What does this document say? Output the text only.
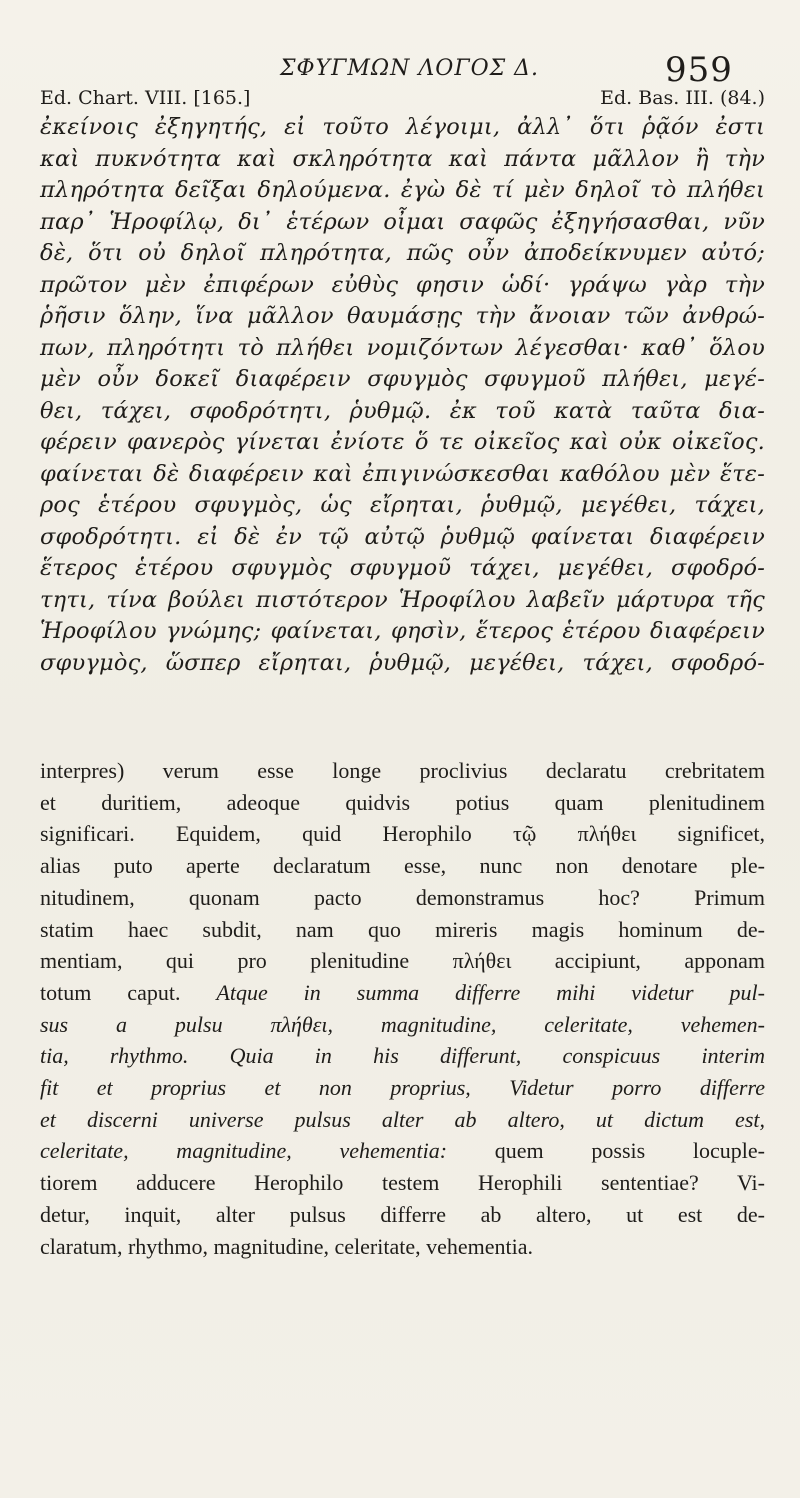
ΣΦΥΓΜΩΝ ΛΟΓΟΣ Δ.	959
Ed. Chart. VIII. [165.]	Ed. Bas. III. (84.)
ἐκείνοις ἐξηγητής, εἰ τοῦτο λέγοιμι, ἀλλ᾽ ὅτι ῥᾷόν ἐστι
καὶ πυκνότητα καὶ σκληρότητα καὶ πάντα μᾶλλον ἢ τὴν
πληρότητα δεῖξαι δηλούμενα. ἐγὼ δὲ τί μὲν δηλοῖ τὸ πλήθει
παρ᾽ Ἡροφίλῳ, δι᾽ ἑτέρων οἶμαι σαφῶς ἐξηγήσασθαι, νῦν
δὲ, ὅτι οὐ δηλοῖ πληρότητα, πῶς οὖν ἀποδείκνυμεν αὐτό;
πρῶτον μὲν ἐπιφέρων εὐθὺς φησιν ὡδί· γράψω γὰρ τὴν
ῥῆσιν ὅλην, ἵνα μᾶλλον θαυμάσῃς τὴν ἄνοιαν τῶν ἀνθρώ-
πων, πληρότητι τὸ πλήθει νομιζόντων λέγεσθαι· καθ᾽ ὅλου
μὲν οὖν δοκεῖ διαφέρειν σφυγμὸς σφυγμοῦ πλήθει, μεγέ-
θει, τάχει, σφοδρότητι, ῥυθμῷ. ἐκ τοῦ κατὰ ταῦτα δια-
φέρειν φανερὸς γίνεται ἐνίοτε ὅ τε οἰκεῖος καὶ οὐκ οἰκεῖος.
φαίνεται δὲ διαφέρειν καὶ ἐπιγινώσκεσθαι καθόλου μὲν ἕτε-
ρος ἑτέρου σφυγμὸς, ὡς εἴρηται, ῥυθμῷ, μεγέθει, τάχει,
σφοδρότητι. εἰ δὲ ἐν τῷ αὐτῷ ῥυθμῷ φαίνεται διαφέρειν
ἕτερος ἑτέρου σφυγμὸς σφυγμοῦ τάχει, μεγέθει, σφοδρό-
τητι, τίνα βούλει πιστότερον Ἡροφίλου λαβεῖν μάρτυρα τῆς
Ἡροφίλου γνώμης; φαίνεται, φησὶν, ἕτερος ἑτέρου διαφέρειν
σφυγμὸς, ὥσπερ εἴρηται, ῥυθμῷ, μεγέθει, τάχει, σφοδρό-
interpres) verum esse longe proclivius declaratu crebritatem
et duritiem, adeoque quidvis potius quam plenitudinem
significari. Equidem, quid Herophilo τῷ πλήθει significet,
alias puto aperte declaratum esse, nunc non denotare ple-
nitudinem, quonam pacto demonstramus hoc? Primum
statim haec subdit, nam quo mireris magis hominum de-
mentiam, qui pro plenitudine πλήθει accipiunt, apponam
totum caput. Atque in summa differre mihi videtur pul-
sus a pulsu πλήθει, magnitudine, celeritate, vehemen-
tia, rhythmo. Quia in his differunt, conspicuus interim
fit et proprius et non proprius, Videtur porro differre
et discerni universe pulsus alter ab altero, ut dictum est,
celeritate, magnitudine, vehementia: quem possis locuple-
tiorem adducere Herophilo testem Herophili sententiae? Vi-
detur, inquit, alter pulsus differre ab altero, ut est de-
claratum, rhythmo, magnitudine, celeritate, vehementia.
